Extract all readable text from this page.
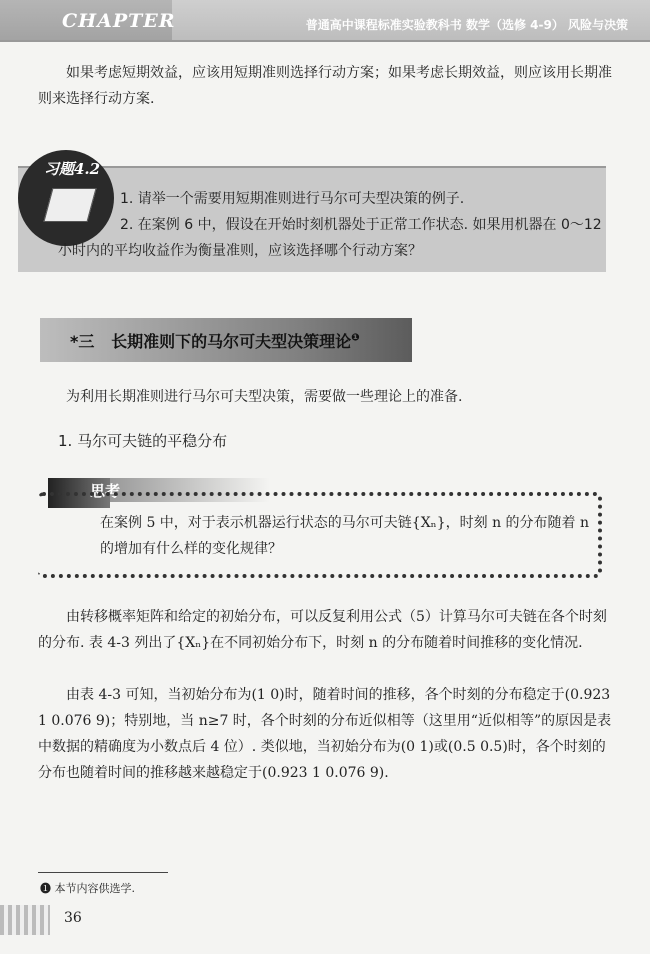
CHAPTER	普通高中课程标准实验教科书 数学（选修 4-9） 风险与决策

如果考虑短期效益，应该用短期准则选择行动方案；如果考虑长期效益，则应该用长期准则来选择行动方案.

习题4.2
1. 请举一个需要用短期准则进行马尔可夫型决策的例子.
2. 在案例 6 中，假设在开始时刻机器处于正常工作状态. 如果用机器在 0～12 小时内的平均收益作为衡量准则，应该选择哪个行动方案？
*三 长期准则下的马尔可夫型决策理论$^❶$

为利用长期准则进行马尔可夫型决策，需要做一些理论上的准备.

1. 马尔可夫链的平稳分布
思考
在案例 5 中，对于表示机器运行状态的马尔可夫链{Xₙ}，时刻 n 的分布随着 n 的增加有什么样的变化规律？

由转移概率矩阵和给定的初始分布，可以反复利用公式（5）计算马尔可夫链在各个时刻的分布. 表 4-3 列出了{Xₙ}在不同初始分布下，时刻 n 的分布随着时间推移的变化情况.

由表 4-3 可知，当初始分布为(1 0)时，随着时间的推移，各个时刻的分布稳定于(0.923 1 0.076 9)；特别地，当 n≥7 时，各个时刻的分布近似相等（这里用“近似相等”的原因是表中数据的精确度为小数点后 4 位）. 类似地，当初始分布为(0 1)或(0.5 0.5)时，各个时刻的分布也随着时间的推移越来越稳定于(0.923 1 0.076 9).

❶ 本节内容供选学.
36
